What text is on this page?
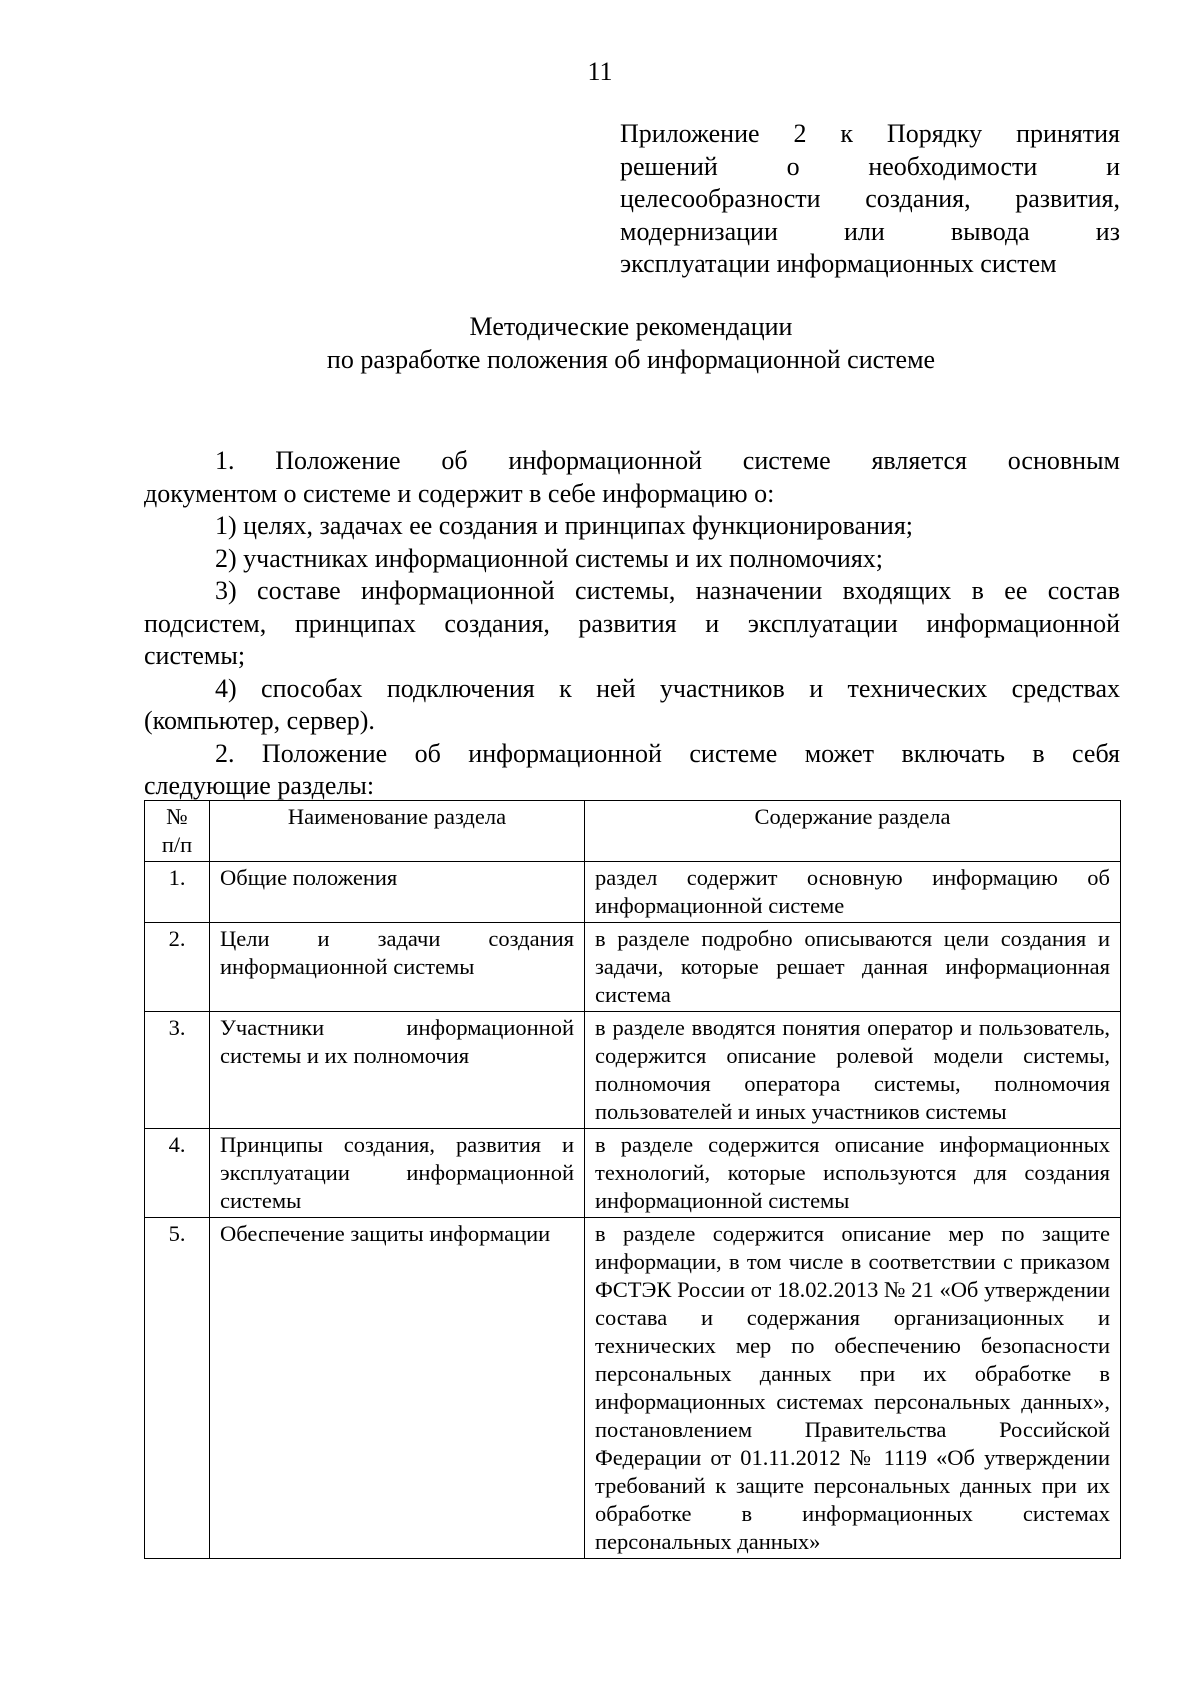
11
Приложение 2 к Порядку принятия
решений о необходимости и
целесообразности создания, развития,
модернизации или вывода из
эксплуатации информационных систем
Методические рекомендации
по разработке положения об информационной системе

1. Положение об информационной системе является основным

документом о системе и содержит в себе информацию о:

1) целях, задачах ее создания и принципах функционирования;

2) участниках информационной системы и их полномочиях;

3) составе информационной системы, назначении входящих в ее состав

подсистем, принципах создания, развития и эксплуатации информационной

системы;

4) способах подключения к ней участников и технических средствах

(компьютер, сервер).

2. Положение об информационной системе может включать в себя

следующие разделы:

№ п/п	Наименование раздела	Содержание раздела
1.	Общие положения	раздел содержит основную информацию об информационной системе
2.	Цели и задачи создания информационной системы	в разделе подробно описываются цели создания и задачи, которые решает данная информационная система
3.	Участники информационной системы и их полномочия	в разделе вводятся понятия оператор и пользователь, содержится описание ролевой модели системы, полномочия оператора системы, полномочия пользователей и иных участников системы
4.	Принципы создания, развития и эксплуатации информационной системы	в разделе содержится описание информационных технологий, которые используются для создания информационной системы
5.	Обеспечение защиты информации	в разделе содержится описание мер по защите информации, в том числе в соответствии с приказом ФСТЭК России от 18.02.2013 № 21 «Об утверждении состава и содержания организационных и технических мер по обеспечению безопасности персональных данных при их обработке в информационных системах персональных данных», постановлением Правительства Российской Федерации от 01.11.2012 № 1119 «Об утверждении требований к защите персональных данных при их обработке в информационных системах персональных данных»
